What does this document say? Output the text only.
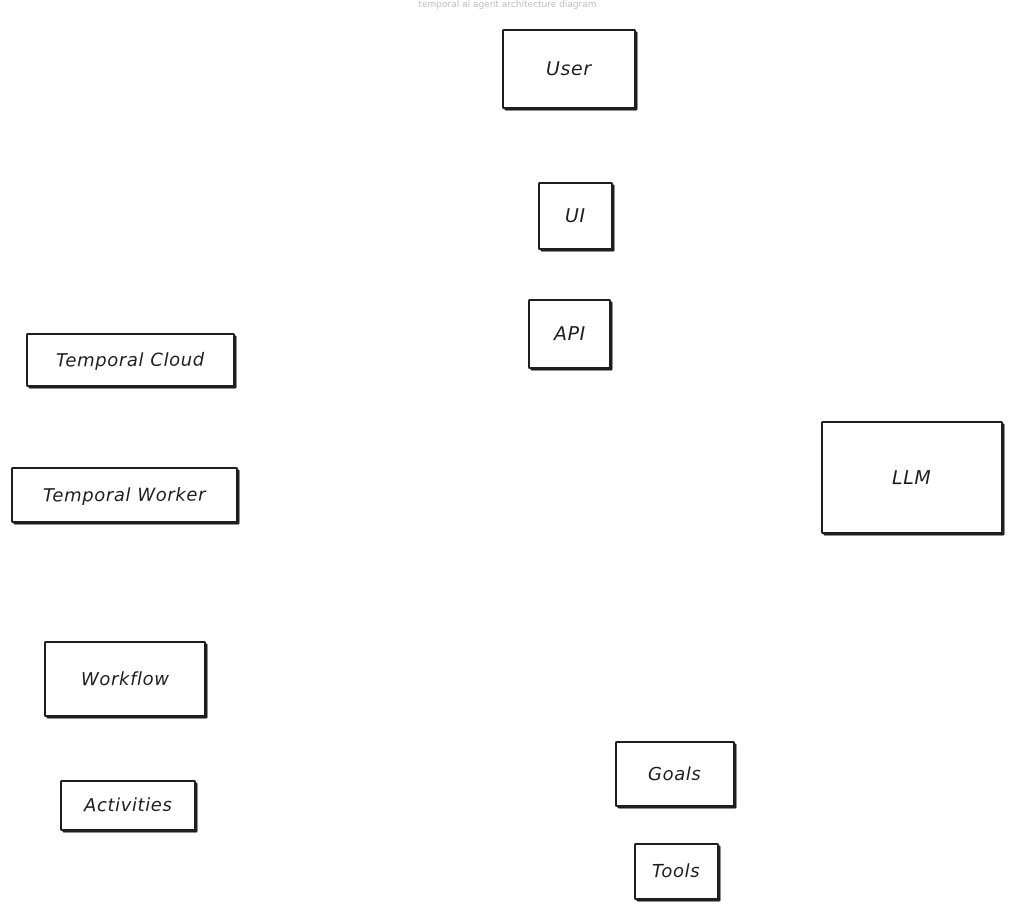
temporal ai agent architecture diagram
User
UI
API
Temporal Cloud
Temporal Worker
LLM
Workflow
Activities
Goals
Tools
